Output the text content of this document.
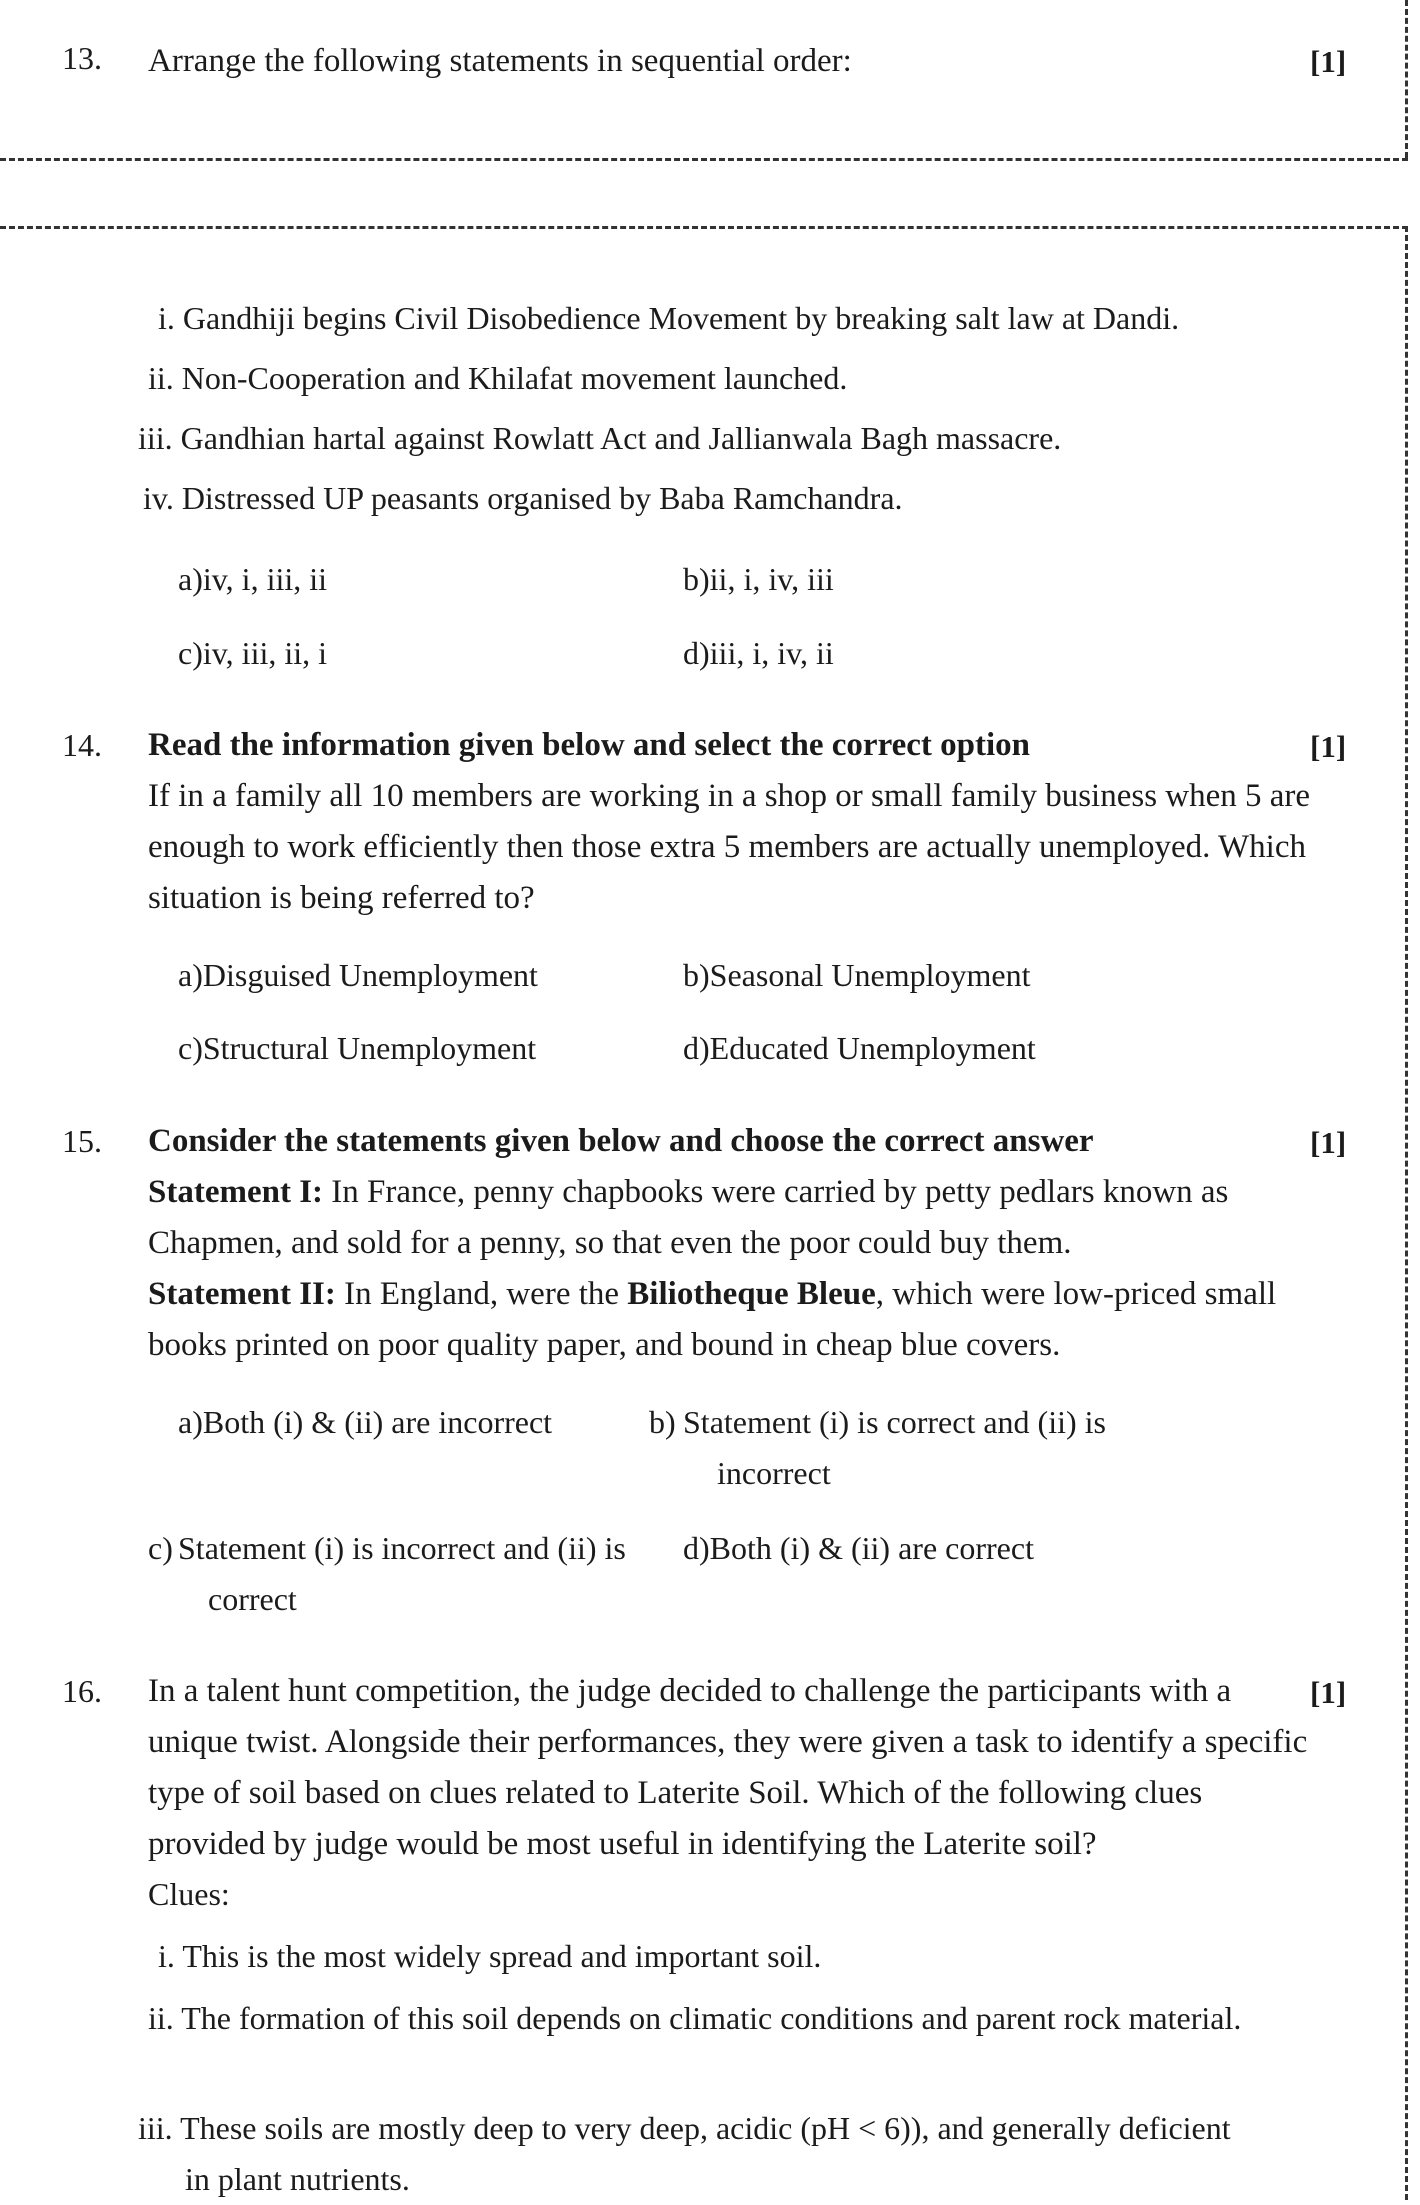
13. Arrange the following statements in sequential order:	[1]
i. Gandhiji begins Civil Disobedience Movement by breaking salt law at Dandi.
ii. Non-Cooperation and Khilafat movement launched.
iii. Gandhian hartal against Rowlatt Act and Jallianwala Bagh massacre.
iv. Distressed UP peasants organised by Baba Ramchandra.
a)iv, i, iii, ii	b)ii, i, iv, iii
c)iv, iii, ii, i	d)iii, i, iv, ii
14. Read the information given below and select the correct option	[1]
If in a family all 10 members are working in a shop or small family business when 5 are enough to work efficiently then those extra 5 members are actually unemployed. Which situation is being referred to?
a)Disguised Unemployment	b)Seasonal Unemployment
c)Structural Unemployment	d)Educated Unemployment
15. Consider the statements given below and choose the correct answer	[1]
Statement I: In France, penny chapbooks were carried by petty pedlars known as Chapmen, and sold for a penny, so that even the poor could buy them.
Statement II: In England, were the Biliotheque Bleue, which were low-priced small books printed on poor quality paper, and bound in cheap blue covers.
a)Both (i) & (ii) are incorrect	b) Statement (i) is correct and (ii) is incorrect
c) Statement (i) is incorrect and (ii) is correct
d)Both (i) & (ii) are correct
16. In a talent hunt competition, the judge decided to challenge the participants with a unique twist. Alongside their performances, they were given a task to identify a specific type of soil based on clues related to Laterite Soil. Which of the following clues provided by judge would be most useful in identifying the Laterite soil?
[1]
Clues:
i. This is the most widely spread and important soil.
ii. The formation of this soil depends on climatic conditions and parent rock material.
iii. These soils are mostly deep to very deep, acidic (pH < 6)), and generally deficient in plant nutrients.
